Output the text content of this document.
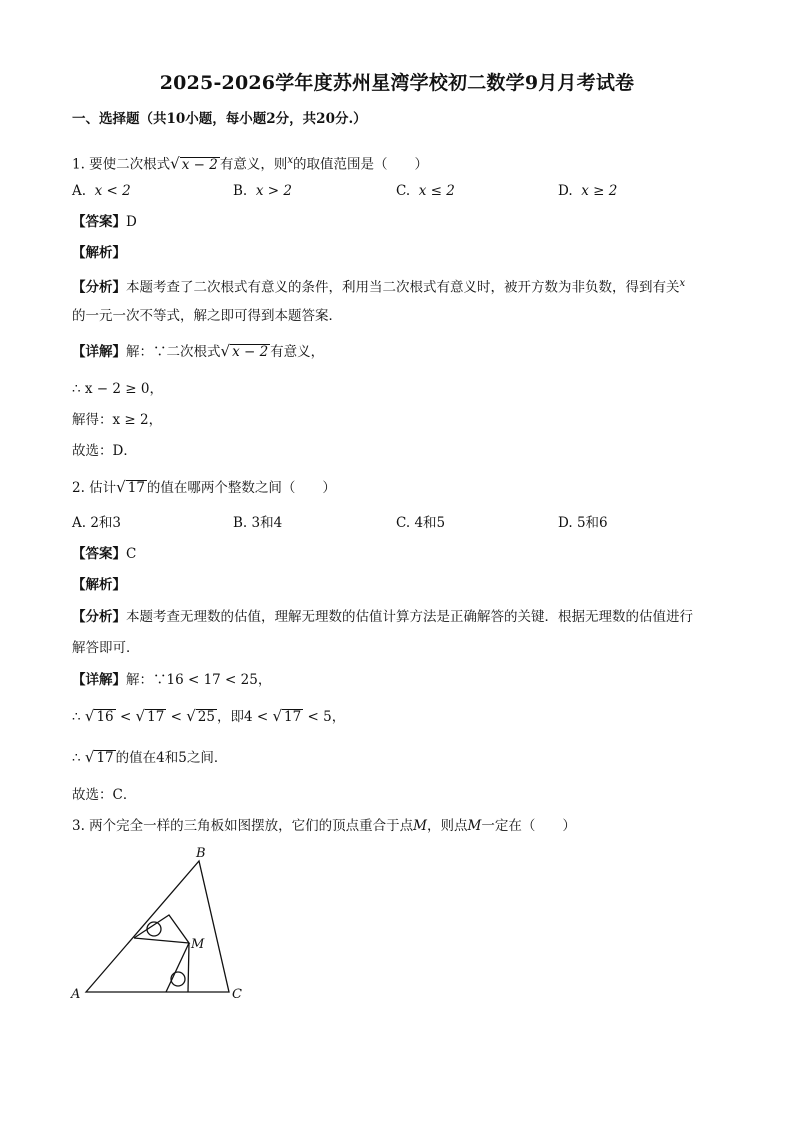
2025-2026学年度苏州星湾学校初二数学9月月考试卷
一、选择题（共10小题，每小题2分，共20分.）
1. 要使二次根式√ x − 2 有意义，则$^x$的取值范围是（　　）
A. x < 2	B. x > 2	C. x ≤ 2	D. x ≥ 2
【答案】D
【解析】
【分析】本题考查了二次根式有意义的条件，利用当二次根式有意义时，被开方数为非负数，得到有关$^x$
的一元一次不等式，解之即可得到本题答案．
【详解】解：∵二次根式√ x − 2 有意义，
∴ x − 2 ≥ 0，
解得：x ≥ 2，
故选：D．
2. 估计√ 17 的值在哪两个整数之间（　　）
A. 2和3	B. 3和4	C. 4和5	D. 5和6
【答案】C
【解析】
【分析】本题考查无理数的估值，理解无理数的估值计算方法是正确解答的关键．根据无理数的估值进行
解答即可．
【详解】解：∵16 < 17 < 25，
∴ √ 16 < √ 17 < √ 25 ，即4 < √ 17 < 5，
∴ √ 17 的值在4和5之间．
故选：C．
3. 两个完全一样的三角板如图摆放，它们的顶点重合于点M，则点M一定在（　　）
B
M
A	C
